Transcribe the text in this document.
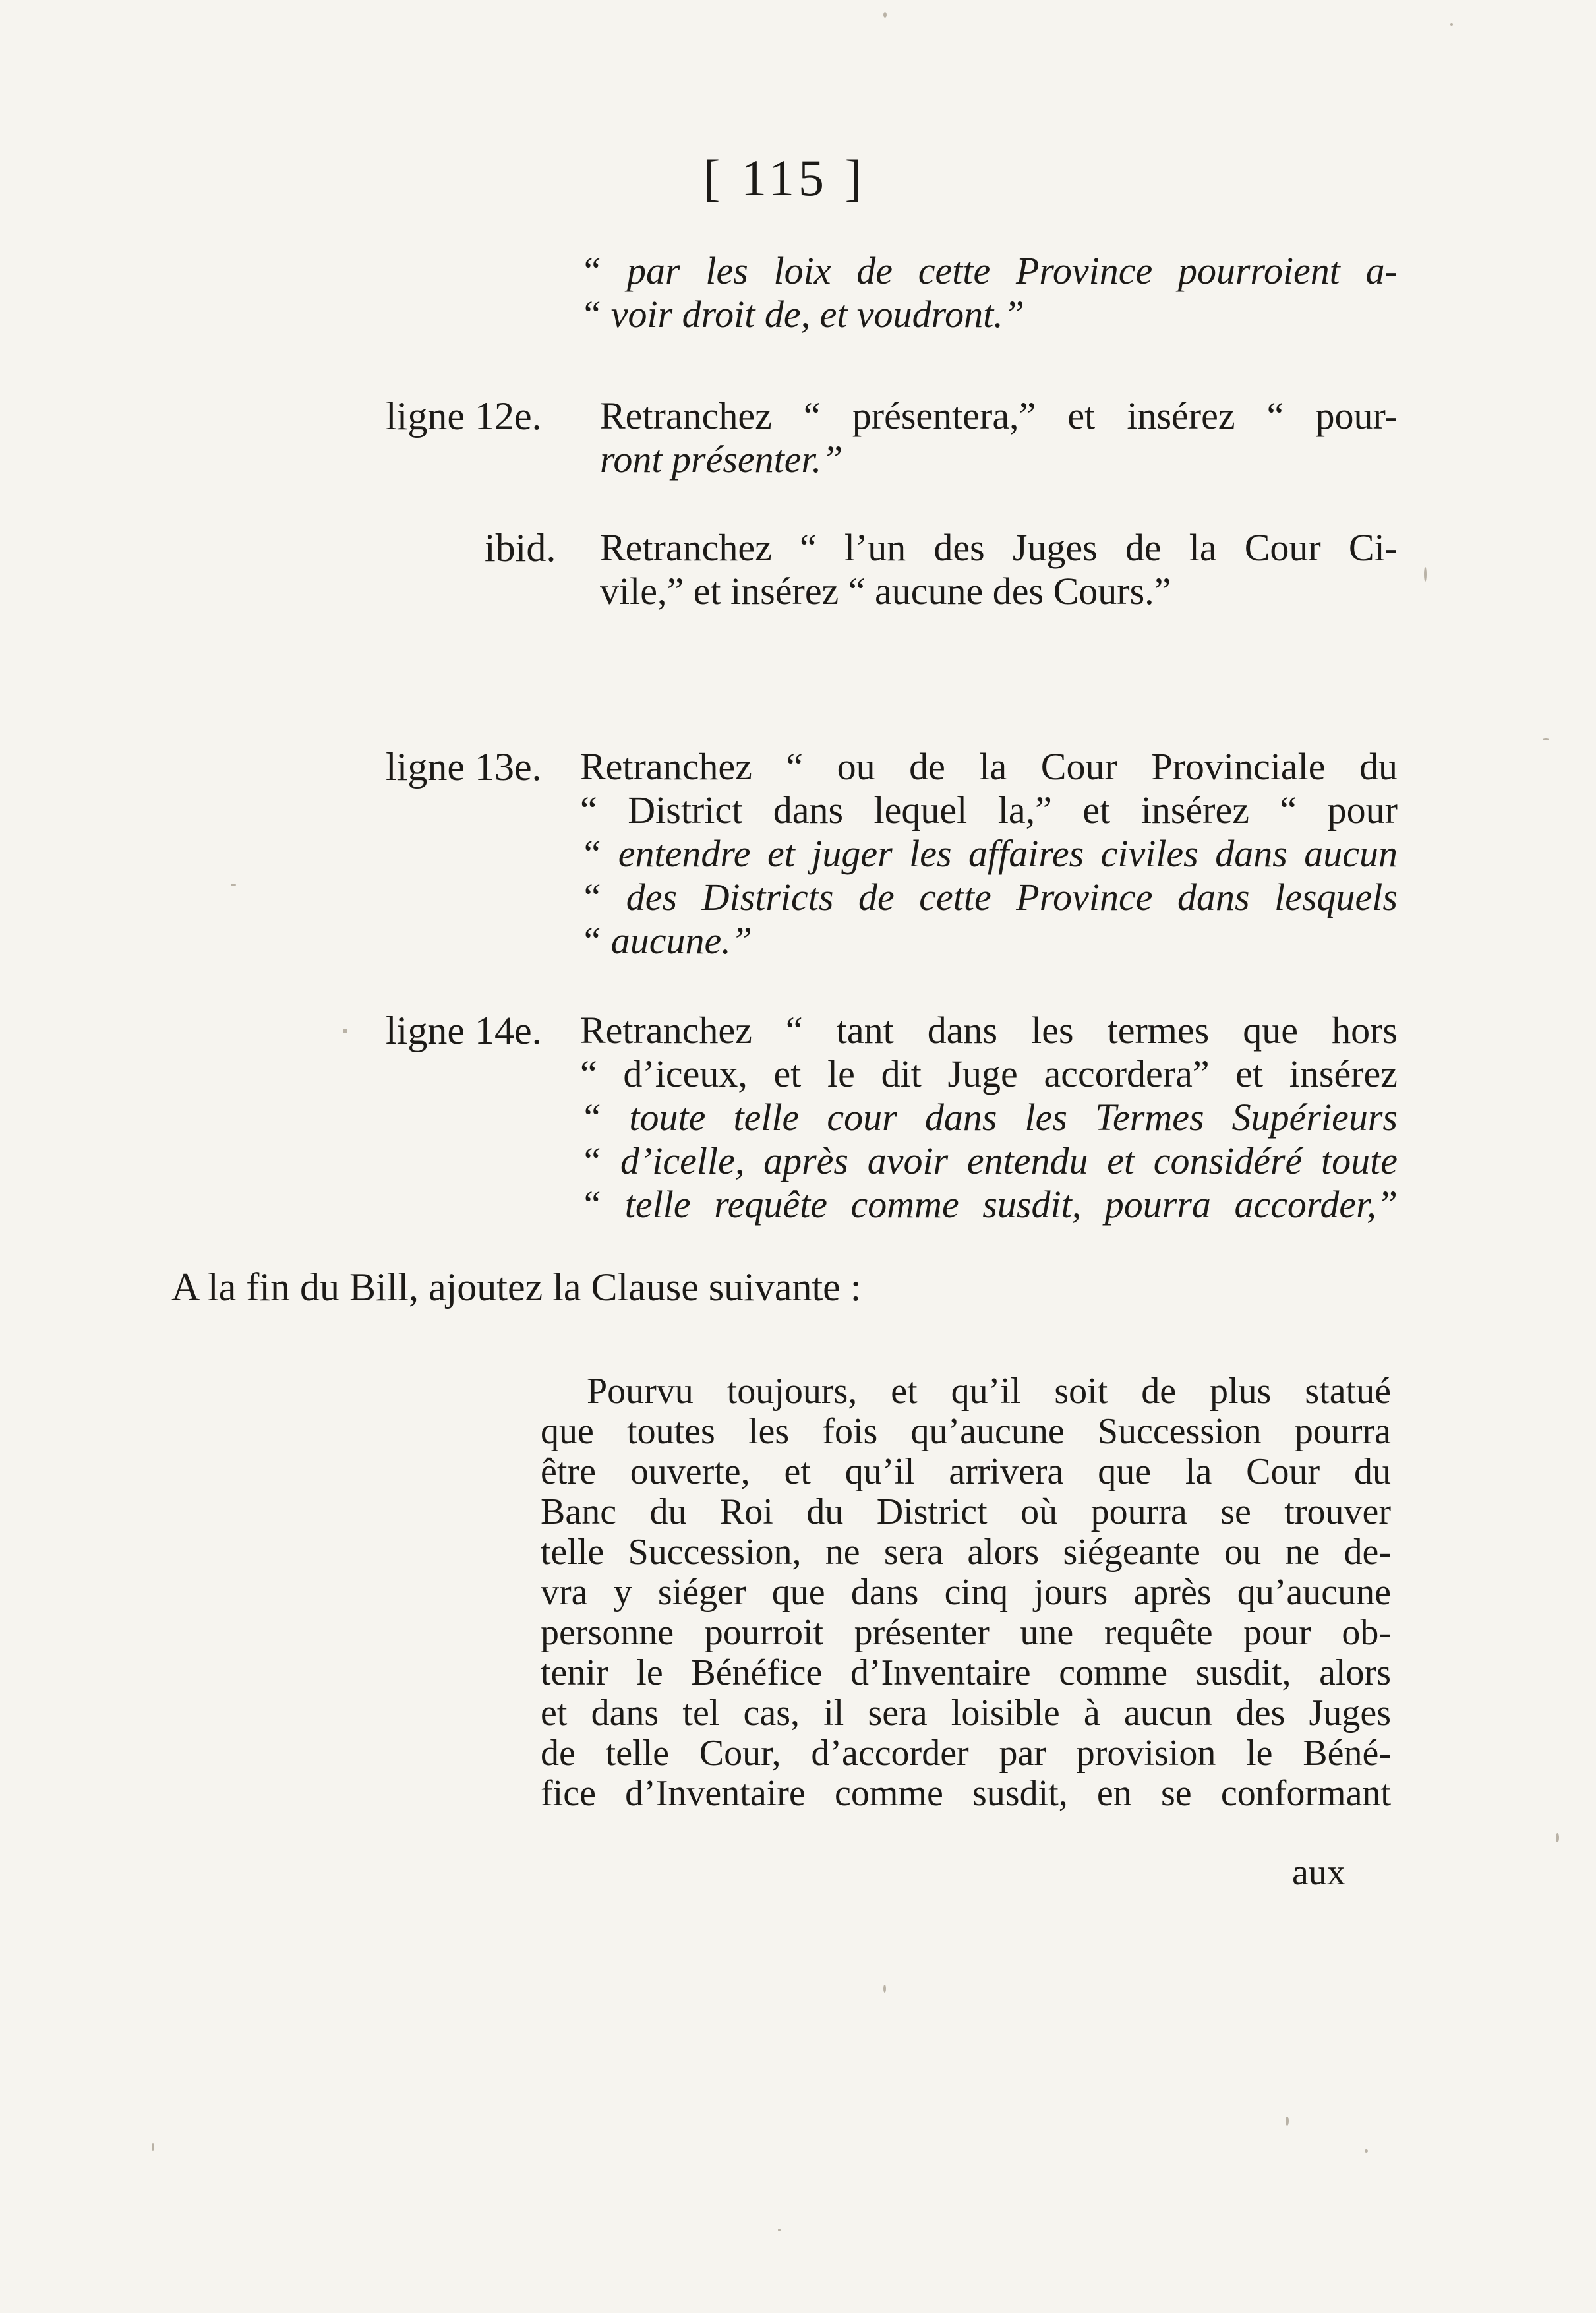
[ 115 ]
“ par les loix de cette Province pourroient a-
“ voir droit de, et voudront.”
ligne 12e. Retranchez “ présentera,” et insérez “ pour-
ront présenter.”
ibid. Retranchez “ l’un des Juges de la Cour Ci-
vile,” et insérez “ aucune des Cours.”
ligne 13e. Retranchez “ ou de la Cour Provinciale du
“ District dans lequel la,” et insérez “ pour
“ entendre et juger les affaires civiles dans aucun
“ des Districts de cette Province dans lesquels
“ aucune.”
ligne 14e. Retranchez “ tant dans les termes que hors
“ d’iceux, et le dit Juge accordera” et insérez
“ toute telle cour dans les Termes Supérieurs
“ d’icelle, après avoir entendu et considéré toute
“ telle requête comme susdit, pourra accorder,”
A la fin du Bill, ajoutez la Clause suivante :
Pourvu toujours, et qu’il soit de plus statué
que toutes les fois qu’aucune Succession pourra
être ouverte, et qu’il arrivera que la Cour du
Banc du Roi du District où pourra se trouver
telle Succession, ne sera alors siégeante ou ne de-
vra y siéger que dans cinq jours après qu’aucune
personne pourroit présenter une requête pour ob-
tenir le Bénéfice d’Inventaire comme susdit, alors
et dans tel cas, il sera loisible à aucun des Juges
de telle Cour, d’accorder par provision le Béné-
fice d’Inventaire comme susdit, en se conformant
aux
